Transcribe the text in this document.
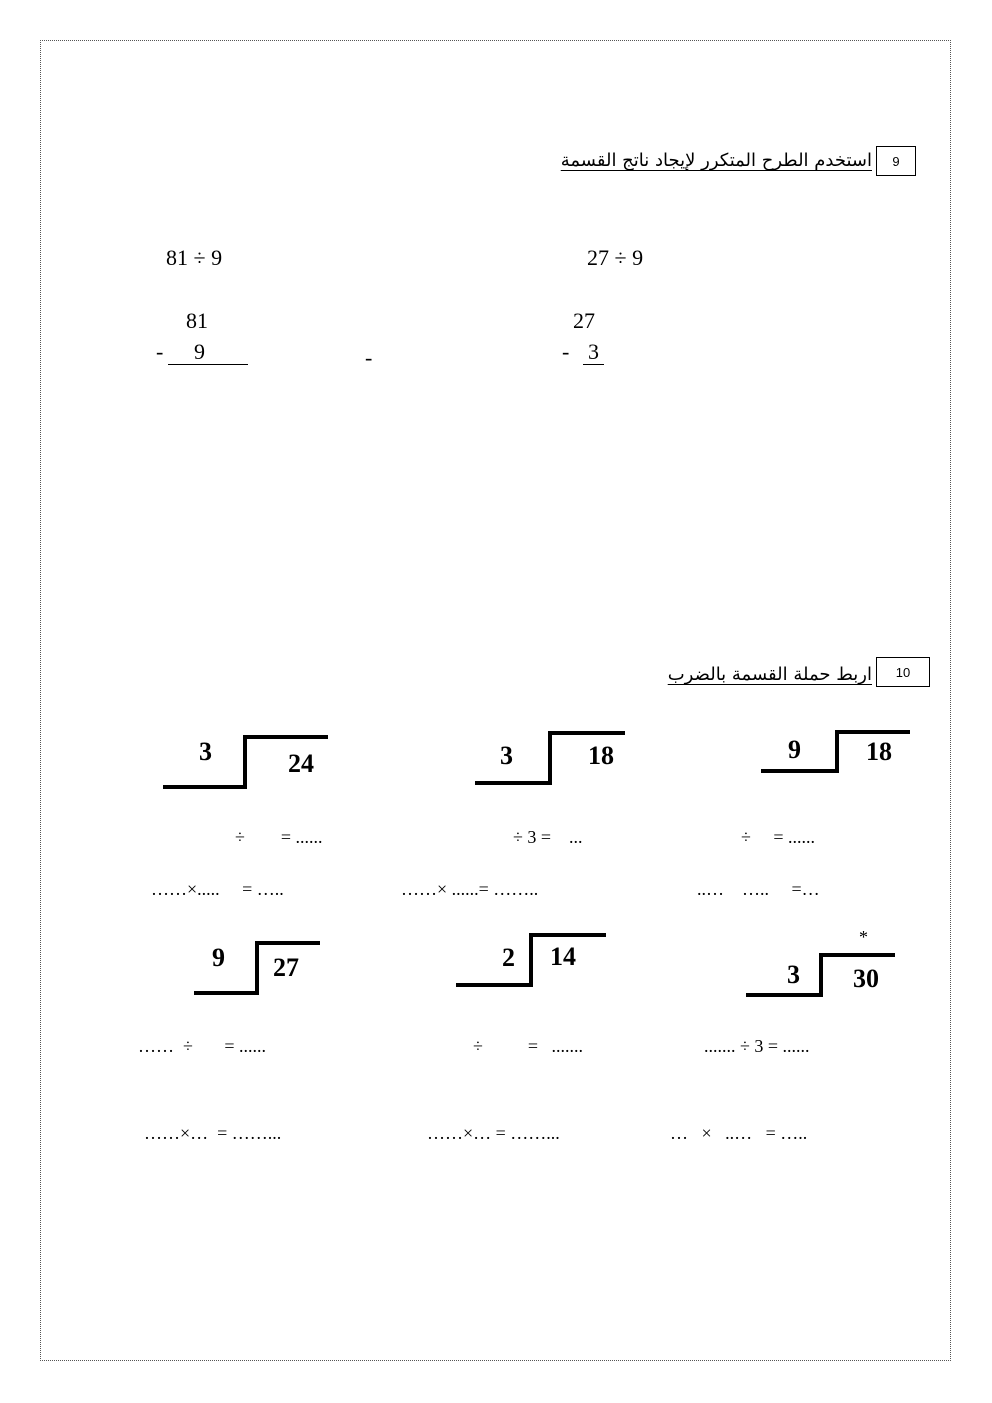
9
استخدم الطرح المتكرر لإيجاد ناتج القسمة
81 ÷ 9	27 ÷ 9
81
- 9	-
27
- 3
10
اربط حملة القسمة بالضرب
9	18
3	18
3	24
÷     = ......
÷ 3 =    ...
÷        = ......
..…    …..     =…
……× ......= ……..
……×.....     = …..
*
3 30
2 14
9 27
....... ÷ 3 = ......
÷          =   .......
……  ÷       = ......
…   ×   ..…   = …..
……×… = ……...
……×…  = ……...
